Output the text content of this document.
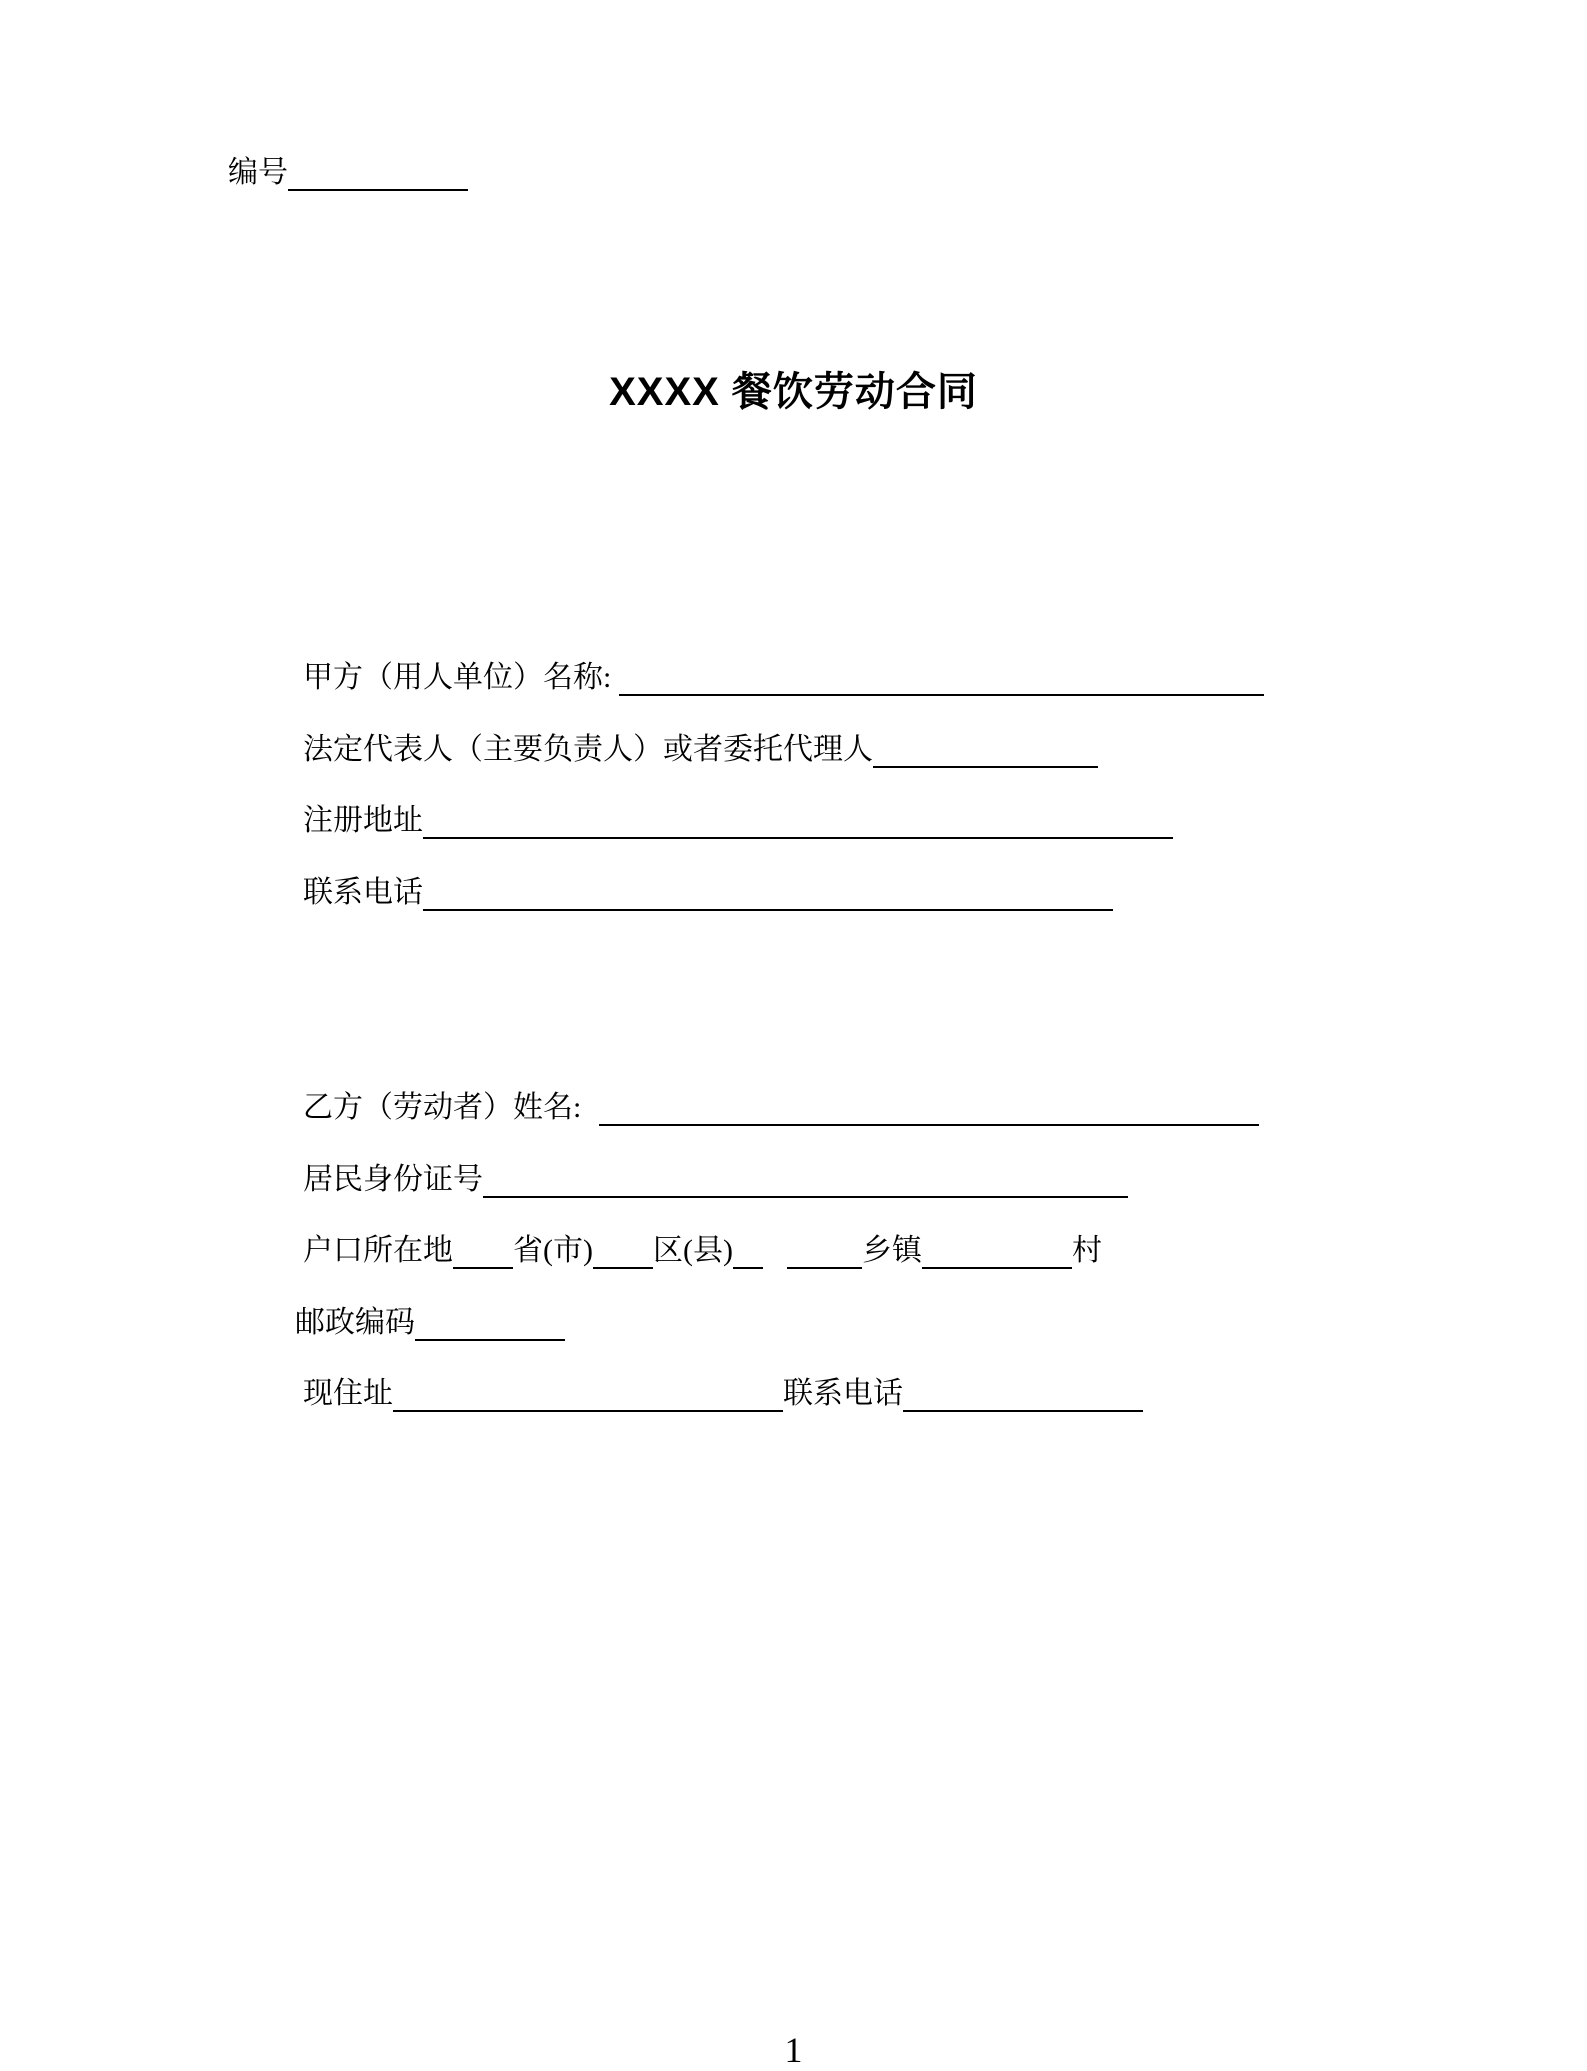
编号
XXXX 餐饮劳动合同
甲方（用人单位）名称:
法定代表人（主要负责人）或者委托代理人
注册地址
联系电话
乙方（劳动者）姓名:
居民身份证号
户口所在地 省(市) 区(县)	乡镇	村
邮政编码
现住址	联系电话
1
